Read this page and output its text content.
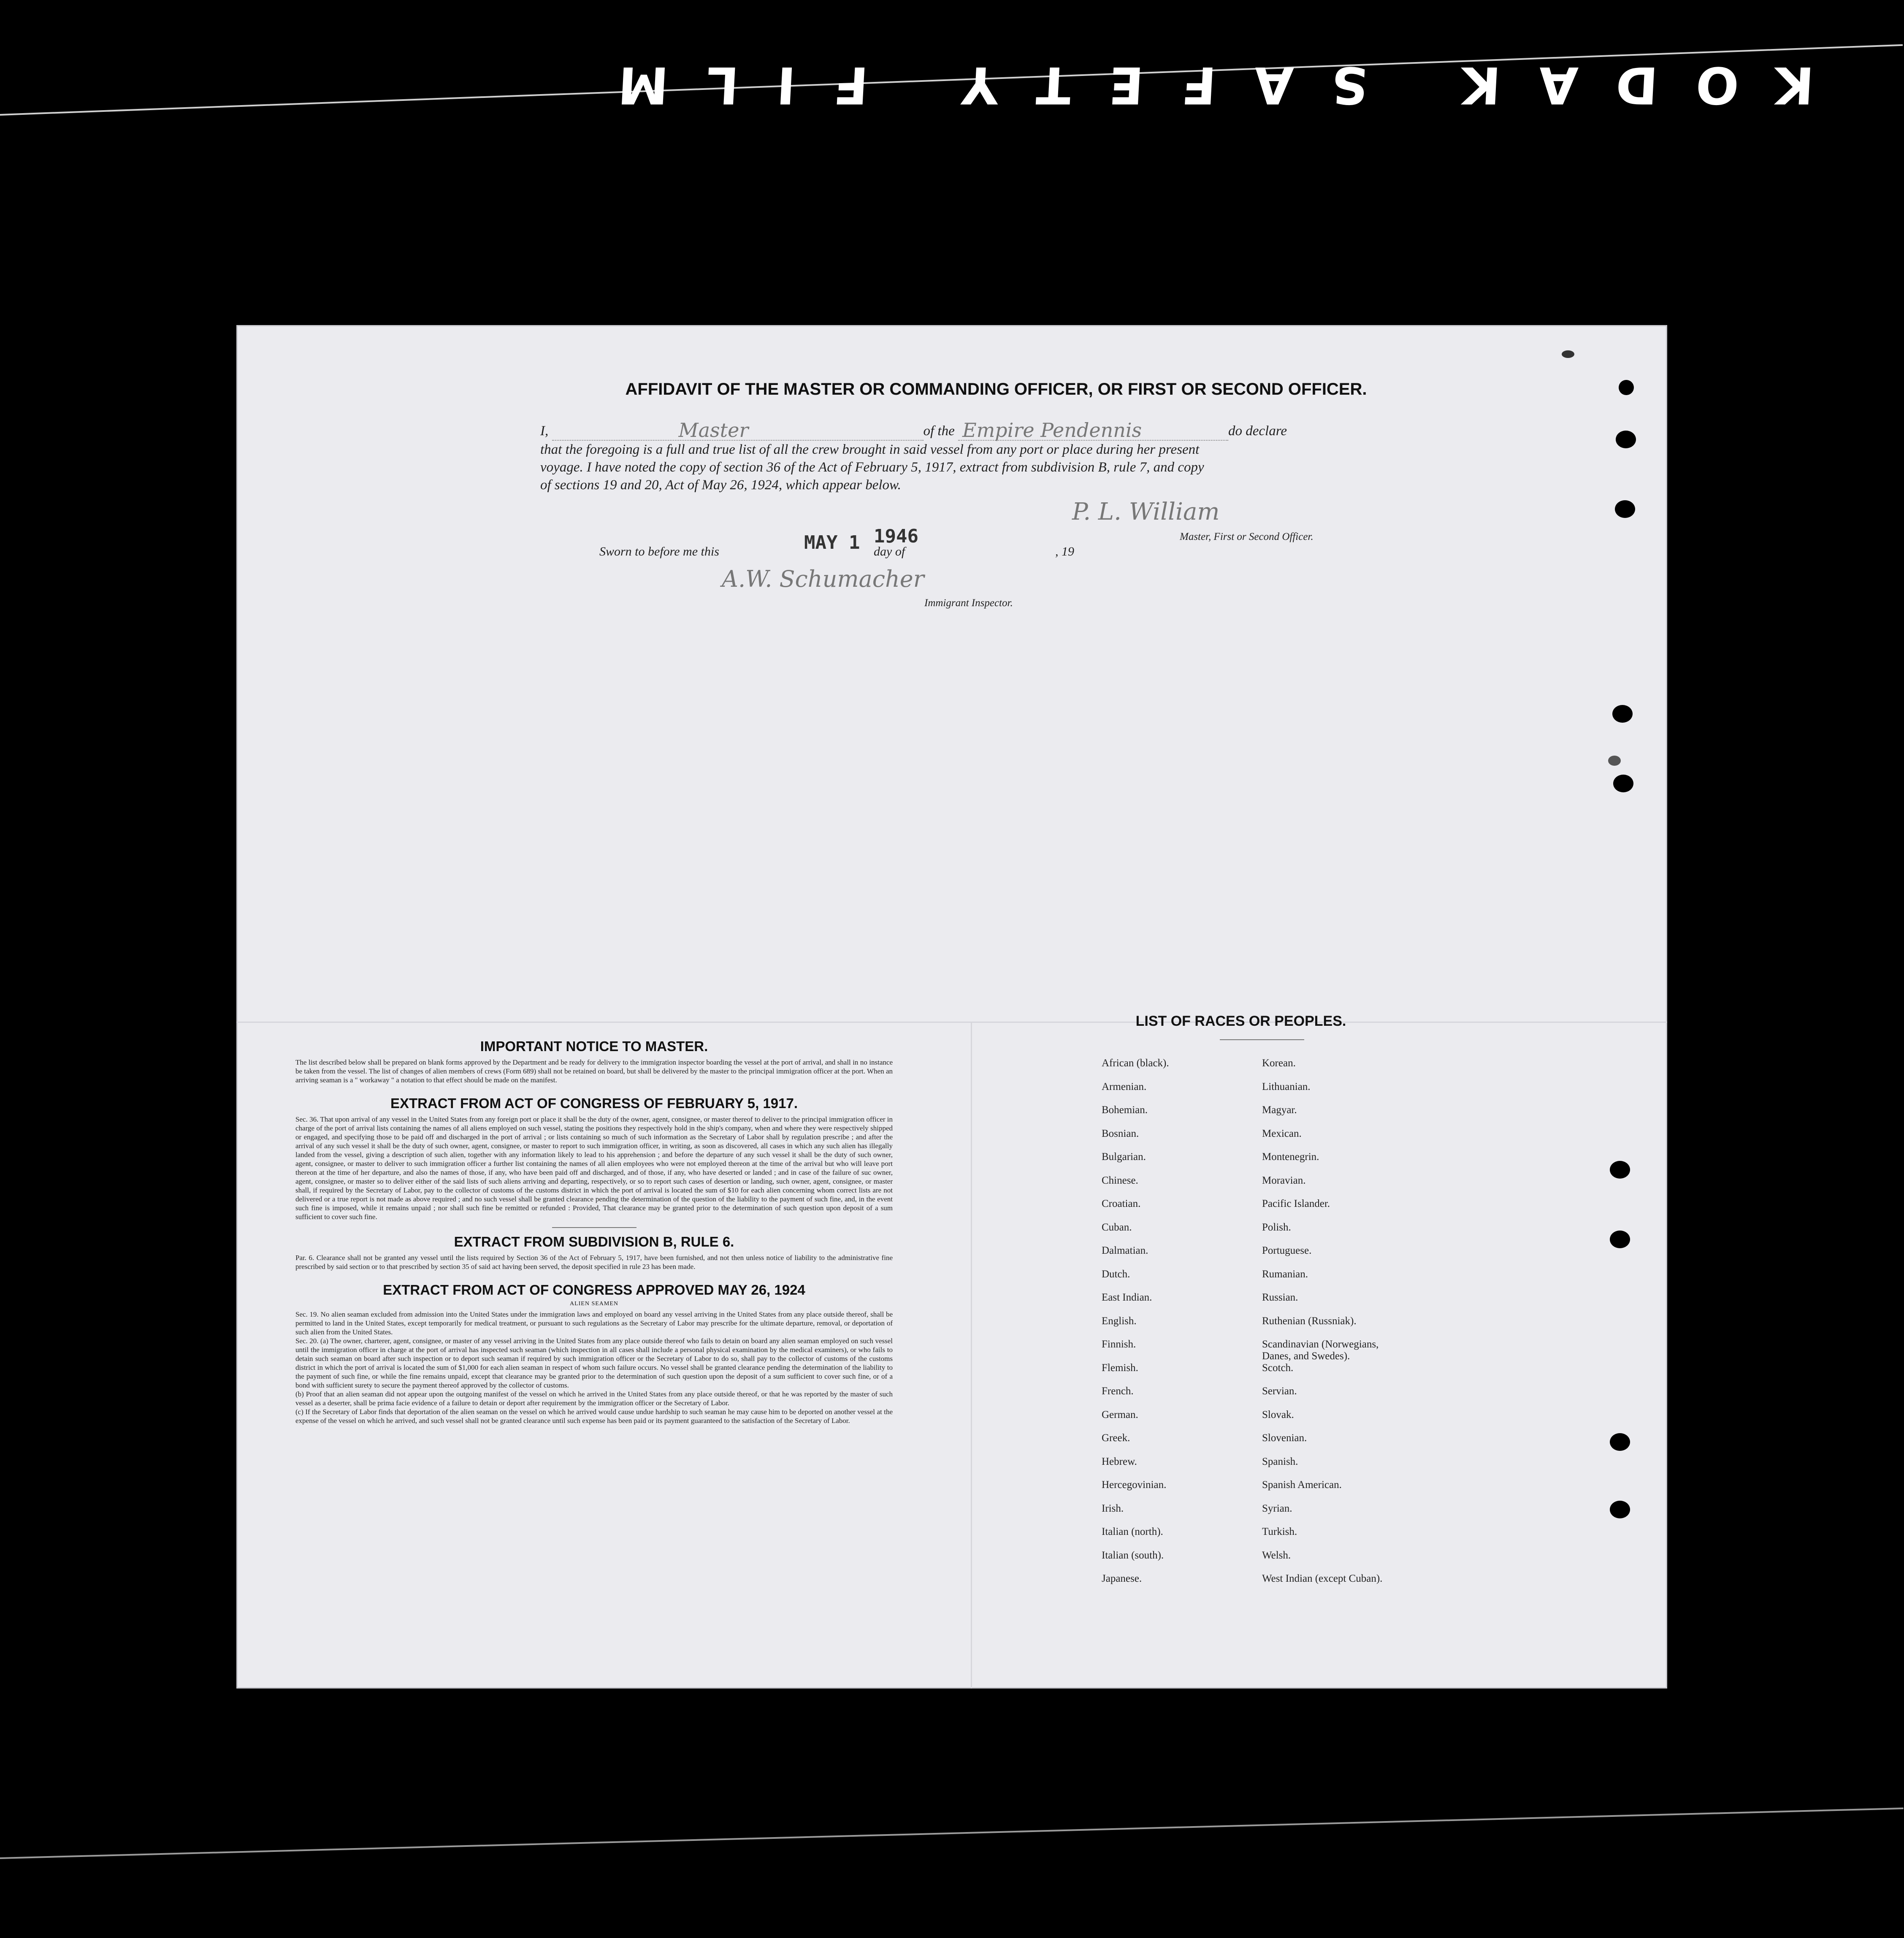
KODAK SAFETY FILM
AFFIDAVIT OF THE MASTER OR COMMANDING OFFICER, OR FIRST OR SECOND OFFICER.
I,	Master	of the Empire Pendennis	do declare
that the foregoing is a full and true list of all the crew brought in said vessel from any port or place during her present
voyage. I have noted the copy of section 36 of the Act of February 5, 1917, extract from subdivision B, rule 7, and copy
of sections 19 and 20, Act of May 26, 1924, which appear below.
P. L. William
Master, First or Second Officer.
Sworn to before me this	MAY 1 1946
day of	, 19
A.W. Schumacher
Immigrant Inspector.
IMPORTANT NOTICE TO MASTER.
The list described below shall be prepared on blank forms approved by the Department and be ready for delivery to the immigration inspector boarding the vessel at the port of arrival, and shall in no instance be taken from the vessel. The list of changes of alien members of crews (Form 689) shall not be retained on board, but shall be delivered by the master to the principal immigration officer at the port. When an arriving seaman is a " workaway " a notation to that effect should be made on the manifest.
EXTRACT FROM ACT OF CONGRESS OF FEBRUARY 5, 1917.
Sec. 36. That upon arrival of any vessel in the United States from any foreign port or place it shall be the duty of the owner, agent, consignee, or master thereof to deliver to the principal immigration officer in charge of the port of arrival lists containing the names of all aliens employed on such vessel, stating the positions they respectively hold in the ship's company, when and where they were respectively shipped or engaged, and specifying those to be paid off and discharged in the port of arrival ; or lists containing so much of such information as the Secretary of Labor shall by regulation prescribe ; and after the arrival of any such vessel it shall be the duty of such owner, agent, consignee, or master to report to such immigration officer, in writing, as soon as discovered, all cases in which any such alien has illegally landed from the vessel, giving a description of such alien, together with any information likely to lead to his apprehension ; and before the departure of any such vessel it shall be the duty of such owner, agent, consignee, or master to deliver to such immigration officer a further list containing the names of all alien employees who were not employed thereon at the time of the arrival but who will leave port thereon at the time of her departure, and also the names of those, if any, who have been paid off and discharged, and of those, if any, who have deserted or landed ; and in case of the failure of suc owner, agent, consignee, or master so to deliver either of the said lists of such aliens arriving and departing, respectively, or so to report such cases of desertion or landing, such owner, agent, consignee, or master shall, if required by the Secretary of Labor, pay to the collector of customs of the customs district in which the port of arrival is located the sum of $10 for each alien concerning whom correct lists are not delivered or a true report is not made as above required ; and no such vessel shall be granted clearance pending the determination of the question of the liability to the payment of such fine, and, in the event such fine is imposed, while it remains unpaid ; nor shall such fine be remitted or refunded : Provided, That clearance may be granted prior to the determination of such question upon deposit of a sum sufficient to cover such fine.
EXTRACT FROM SUBDIVISION B, RULE 6.
Par. 6. Clearance shall not be granted any vessel until the lists required by Section 36 of the Act of February 5, 1917, have been furnished, and not then unless notice of liability to the administrative fine prescribed by said section or to that prescribed by section 35 of said act having been served, the deposit specified in rule 23 has been made.
EXTRACT FROM ACT OF CONGRESS APPROVED MAY 26, 1924
ALIEN SEAMEN
Sec. 19. No alien seaman excluded from admission into the United States under the immigration laws and employed on board any vessel arriving in the United States from any place outside thereof, shall be permitted to land in the United States, except temporarily for medical treatment, or pursuant to such regulations as the Secretary of Labor may prescribe for the ultimate departure, removal, or deportation of such alien from the United States.
Sec. 20. (a) The owner, charterer, agent, consignee, or master of any vessel arriving in the United States from any place outside thereof who fails to detain on board any alien seaman employed on such vessel until the immigration officer in charge at the port of arrival has inspected such seaman (which inspection in all cases shall include a personal physical examination by the medical examiners), or who fails to detain such seaman on board after such inspection or to deport such seaman if required by such immigration officer or the Secretary of Labor to do so, shall pay to the collector of customs of the customs district in which the port of arrival is located the sum of $1,000 for each alien seaman in respect of whom such failure occurs. No vessel shall be granted clearance pending the determination of the liability to the payment of such fine, or while the fine remains unpaid, except that clearance may be granted prior to the determination of such question upon the deposit of a sum sufficient to cover such fine, or of a bond with sufficient surety to secure the payment thereof approved by the collector of customs.
(b) Proof that an alien seaman did not appear upon the outgoing manifest of the vessel on which he arrived in the United States from any place outside thereof, or that he was reported by the master of such vessel as a deserter, shall be prima facie evidence of a failure to detain or deport after requirement by the immigration officer or the Secretary of Labor.
(c) If the Secretary of Labor finds that deportation of the alien seaman on the vessel on which he arrived would cause undue hardship to such seaman he may cause him to be deported on another vessel at the expense of the vessel on which he arrived, and such vessel shall not be granted clearance until such expense has been paid or its payment guaranteed to the satisfaction of the Secretary of Labor.
LIST OF RACES OR PEOPLES.
African (black).
Armenian.
Bohemian.
Bosnian.
Bulgarian.
Chinese.
Croatian.
Cuban.
Dalmatian.
Dutch.
East Indian.
English.
Finnish.
Flemish.
French.
German.
Greek.
Hebrew.
Hercegovinian.
Irish.
Italian (north).
Italian (south).
Japanese.
Korean.
Lithuanian.
Magyar.
Mexican.
Montenegrin.
Moravian.
Pacific Islander.
Polish.
Portuguese.
Rumanian.
Russian.
Ruthenian (Russniak).
Scandinavian (Norwegians, Danes, and Swedes).
Scotch.
Servian.
Slovak.
Slovenian.
Spanish.
Spanish American.
Syrian.
Turkish.
Welsh.
West Indian (except Cuban).
